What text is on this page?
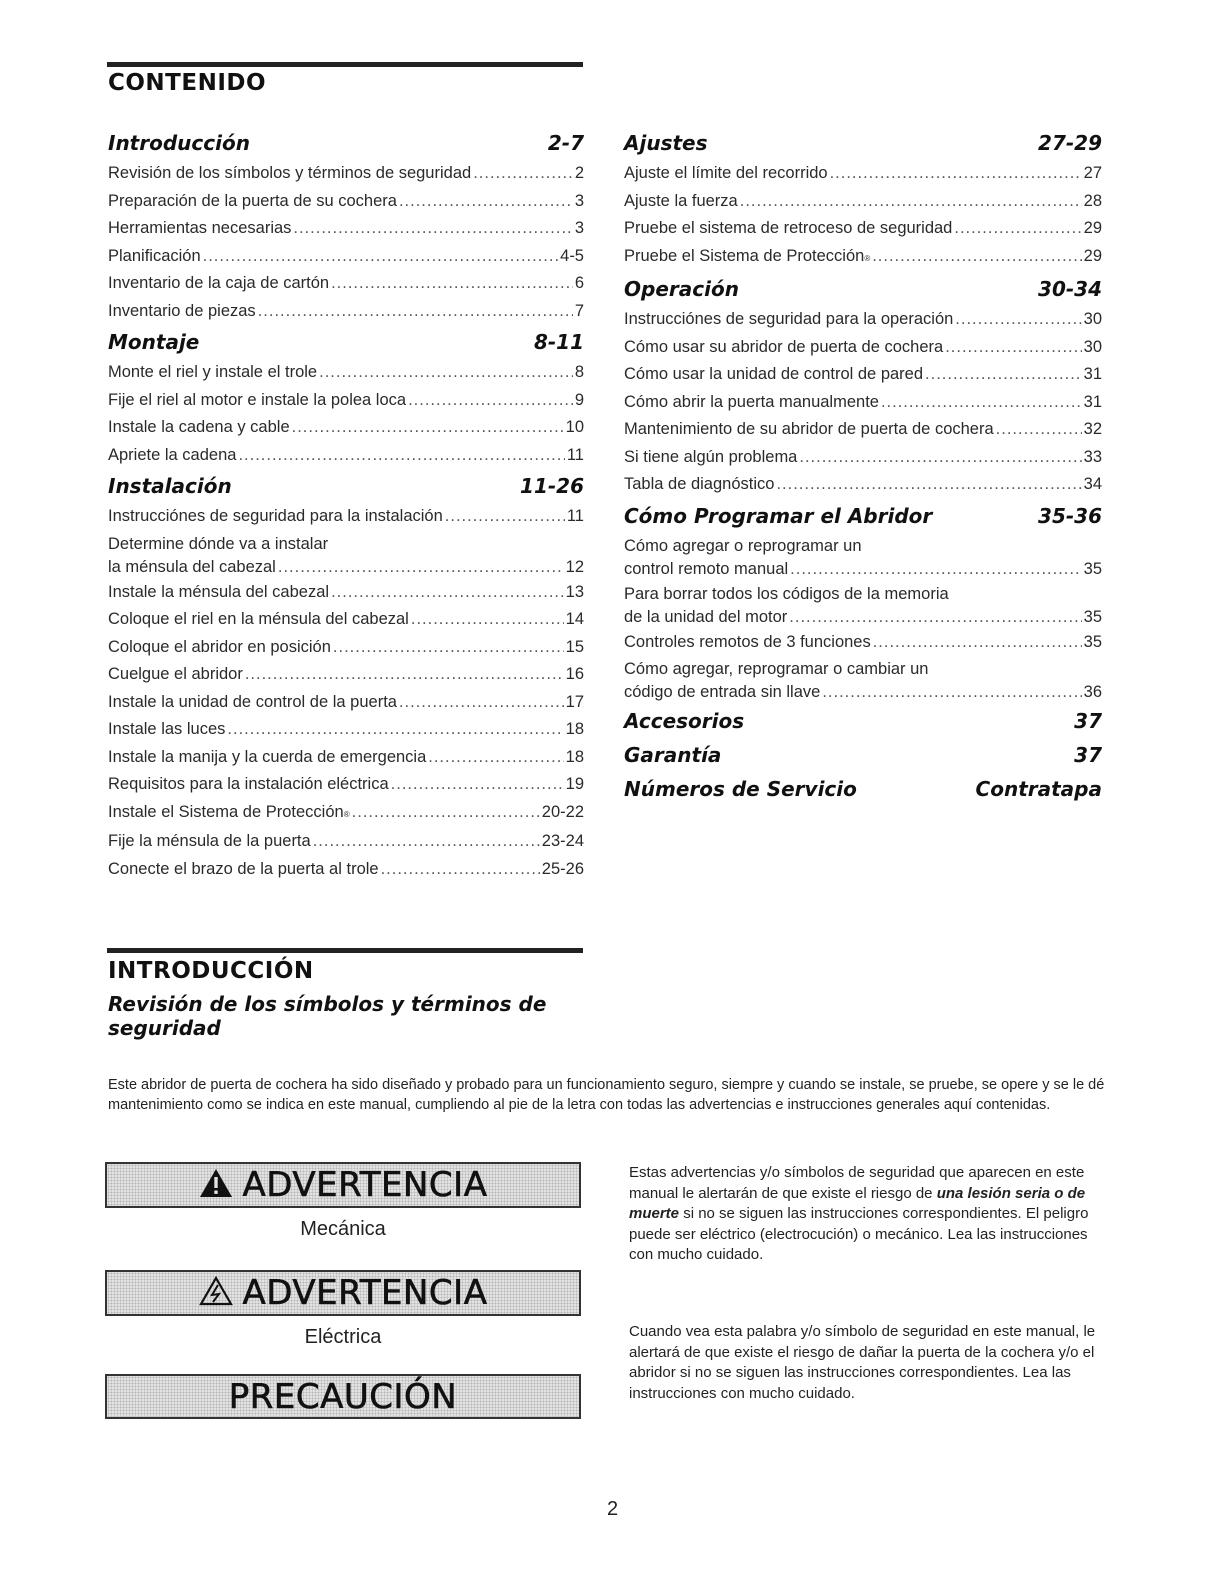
CONTENIDO
Introducción	2-7
Revisión de los símbolos y términos de seguridad .....	2
Preparación de la puerta de su cochera .....	3
Herramientas necesarias .....	3
Planificación .....	4-5
Inventario de la caja de cartón .....	6
Inventario de piezas .....	7
Montaje	8-11
Monte el riel y instale el trole .....	8
Fije el riel al motor e instale la polea loca .....	9
Instale la cadena y cable .....	10
Apriete la cadena .....	11
Instalación	11-26
Instrucciónes de seguridad para la instalación .....	11
Determine dónde va a instalar
la ménsula del cabezal .....	12
Instale la ménsula del cabezal .....	13
Coloque el riel en la ménsula del cabezal .....	14
Coloque el abridor en posición .....	15
Cuelgue el abridor .....	16
Instale la unidad de control de la puerta .....	17
Instale las luces .....	18
Instale la manija y la cuerda de emergencia .....	18
Requisitos para la instalación eléctrica .....	19
Instale el Sistema de Protección ® .....	20-22
Fije la ménsula de la puerta .....	23-24
Conecte el brazo de la puerta al trole .....	25-26
Ajustes	27-29
Ajuste el límite del recorrido .....	27
Ajuste la fuerza .....	28
Pruebe el sistema de retroceso de seguridad .....	29
Pruebe el Sistema de Protección ® .....	29
Operación	30-34
Instrucciónes de seguridad para la operación .....	30
Cómo usar su abridor de puerta de cochera .....	30
Cómo usar la unidad de control de pared .....	31
Cómo abrir la puerta manualmente .....	31
Mantenimiento de su abridor de puerta de cochera .....	32
Si tiene algún problema .....	33
Tabla de diagnóstico .....	34
Cómo Programar el Abridor	35-36
Cómo agregar o reprogramar un
control remoto manual .....	35
Para borrar todos los códigos de la memoria
de la unidad del motor .....	35
Controles remotos de 3 funciones .....	35
Cómo agregar, reprogramar o cambiar un
código de entrada sin llave .....	36
Accesorios	37
Garantía	37
Números de Servicio	Contratapa
INTRODUCCIÓN
Revisión de los símbolos y términos de seguridad

Este abridor de puerta de cochera ha sido diseñado y probado para un funcionamiento seguro, siempre y cuando se instale, se pruebe, se opere y se le dé mantenimiento como se indica en este manual, cumpliendo al pie de la letra con todas las advertencias e instrucciones generales aquí contenidas.

ADVERTENCIA
Mecánica
ADVERTENCIA
Eléctrica
PRECAUCIÓN

Estas advertencias y/o símbolos de seguridad que aparecen en este manual le alertarán de que existe el riesgo de una lesión seria o de muerte si no se siguen las instrucciones correspondientes. El peligro puede ser eléctrico (electrocución) o mecánico. Lea las instrucciones con mucho cuidado.

Cuando vea esta palabra y/o símbolo de seguridad en este manual, le alertará de que existe el riesgo de dañar la puerta de la cochera y/o el abridor si no se siguen las instrucciones correspondientes. Lea las instrucciones con mucho cuidado.

2
